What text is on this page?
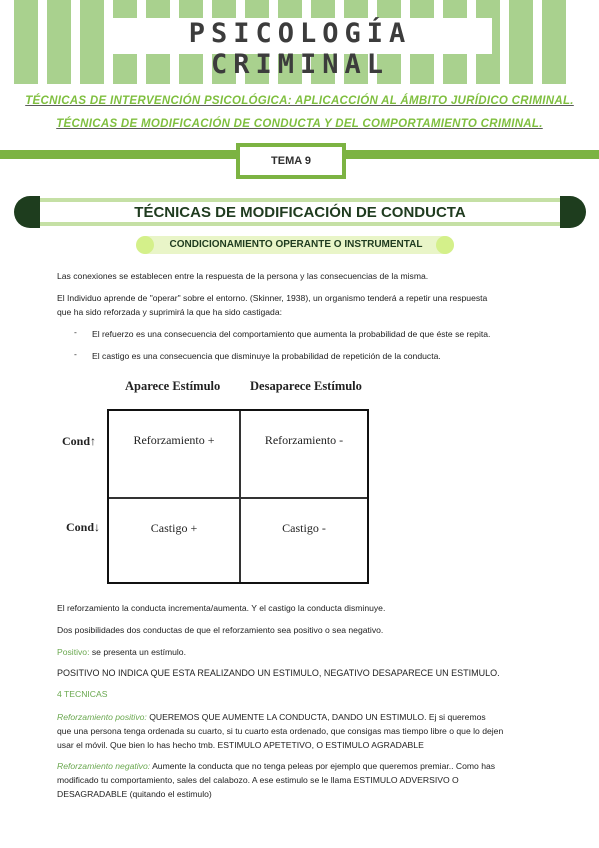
PSICOLOGÍA CRIMINAL
TÉCNICAS DE INTERVENCIÓN PSICOLÓGICA: APLICACCIÓN AL ÁMBITO JURÍDICO CRIMINAL.
TÉCNICAS DE MODIFICACIÓN DE CONDUCTA Y DEL COMPORTAMIENTO CRIMINAL.
TEMA 9
TÉCNICAS DE MODIFICACIÓN DE CONDUCTA
CONDICIONAMIENTO OPERANTE O INSTRUMENTAL
Las conexiones se establecen entre la respuesta de la persona y las consecuencias de la misma.
El Individuo aprende de "operar" sobre el entorno. (Skinner, 1938), un organismo tenderá a repetir una respuesta
que ha sido reforzada y suprimirá la que ha sido castigada:
- El refuerzo es una consecuencia del comportamiento que aumenta la probabilidad de que éste se repita.
- El castigo es una consecuencia que disminuye la probabilidad de repetición de la conducta.
Aparece Estímulo Desaparece Estímulo
Cond↑
Cond↓
Reforzamiento +	Reforzamiento -
Castigo +	Castigo -
El reforzamiento la conducta incrementa/aumenta. Y el castigo la conducta disminuye.
Dos posibilidades dos conductas de que el reforzamiento sea positivo o sea negativo.
Positivo: se presenta un estímulo.
POSITIVO NO INDICA QUE ESTA REALIZANDO UN ESTIMULO, NEGATIVO DESAPARECE UN ESTIMULO.
4 TECNICAS
Reforzamiento positivo: QUEREMOS QUE AUMENTE LA CONDUCTA, DANDO UN ESTIMULO. Ej si queremos
que una persona tenga ordenada su cuarto, si tu cuarto esta ordenado, que consigas mas tiempo libre o que lo dejen
usar el móvil. Que bien lo has hecho tmb. ESTIMULO APETETIVO, O ESTIMULO AGRADABLE
Reforzamiento negativo: Aumente la conducta que no tenga peleas por ejemplo que queremos premiar.. Como has
modificado tu comportamiento, sales del calabozo. A ese estimulo se le llama ESTIMULO ADVERSIVO O
DESAGRADABLE (quitando el estimulo)
